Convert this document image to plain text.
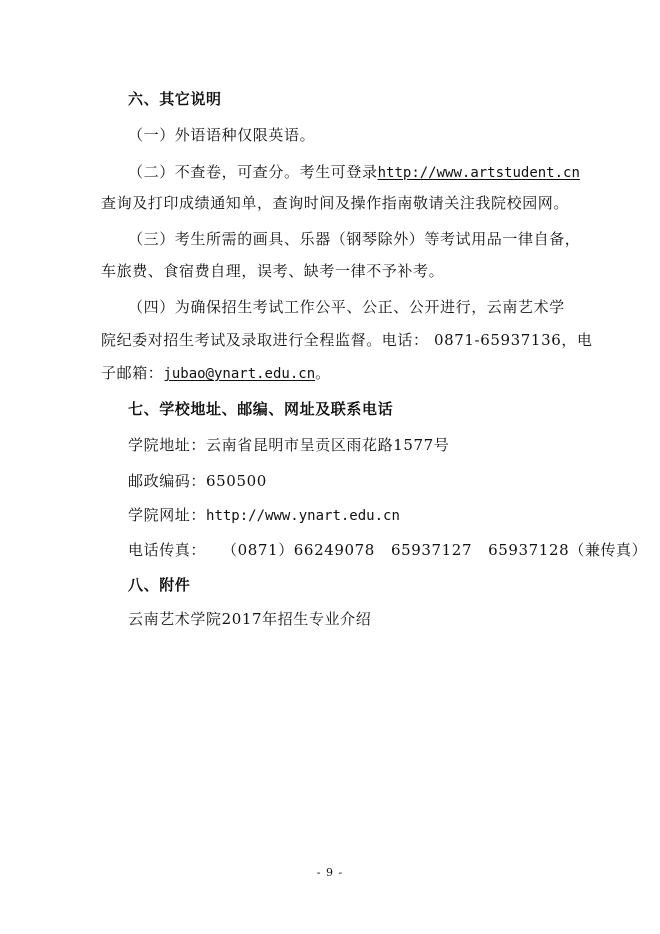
六、其它说明
（一）外语语种仅限英语。
（二）不查卷，可查分。考生可登录http://www.artstudent.cn
查询及打印成绩通知单，查询时间及操作指南敬请关注我院校园网。
（三）考生所需的画具、乐器（钢琴除外）等考试用品一律自备，
车旅费、食宿费自理，误考、缺考一律不予补考。
（四）为确保招生考试工作公平、公正、公开进行，云南艺术学
院纪委对招生考试及录取进行全程监督。电话： 0871-65937136，电
子邮箱：jubao@ynart.edu.cn。
七、学校地址、邮编、网址及联系电话
学院地址：云南省昆明市呈贡区雨花路1577号
邮政编码：650500
学院网址：http://www.ynart.edu.cn
电话传真： （0871）66249078 65937127 65937128（兼传真）
八、附件
云南艺术学院2017年招生专业介绍
- 9 -
